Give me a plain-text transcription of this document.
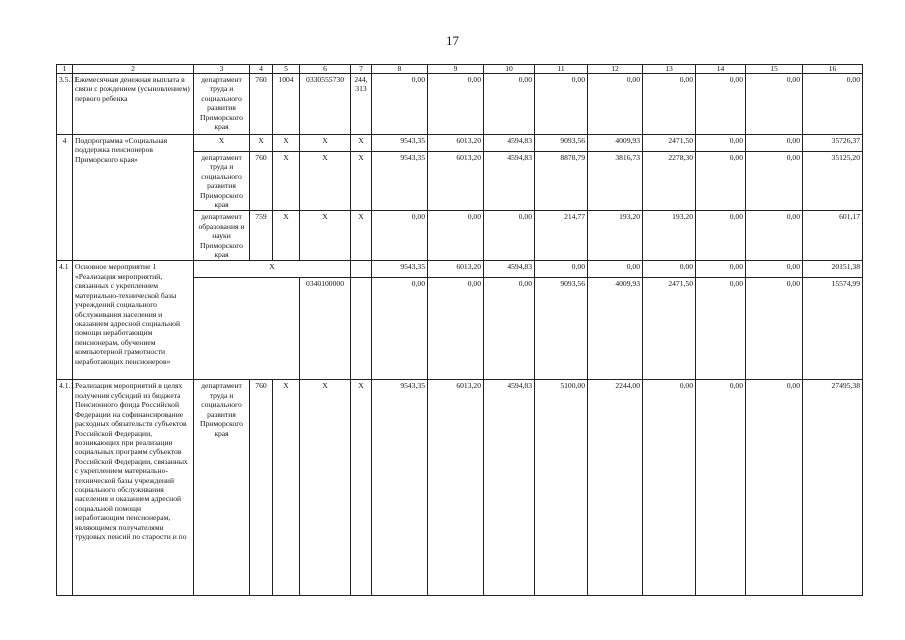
17
1	2	3	4	5	6	7	8	9	10	11	12	13	14	15	16
3.5.11.	Ежемесячная денежная выплата в связи с рождением (усыновлением) первого ребенка	департамент труда и социального развития Приморского края	760	1004	0330555730	244, 313	0,00	0,00	0,00	0,00	0,00	0,00	0,00	0,00	0,00
4	Подпрограмма «Социальная поддержка пенсионеров Приморского края»	X	X	X	X	X	9543,35	6013,20	4594,83	9093,56	4009,93	2471,50	0,00	0,00	35726,37
		департамент труда и социального развития Приморского края	760	X	X	X	9543,35	6013,20	4594,83	8878,79	3816,73	2278,30	0,00	0,00	35125,20
		департамент образования и науки Приморского края	759	X	X	X	0,00	0,00	0,00	214,77	193,20	193,20	0,00	0,00	601,17
4.1	Основное мероприятие 1 «Реализация мероприятий, связанных с укреплением материально-технической базы учреждений социального обслуживания населения и оказанием адресной социальной помощи неработающим пенсионерам, обучением компьютерной грамотности неработающих пенсионеров»	X					9543,35	6013,20	4594,83	0,00	0,00	0,00	0,00	0,00	20151,38
					0340100000		0,00	0,00	0,00	9093,56	4009,93	2471,50	0,00	0,00	15574,99
4.1.1	Реализация мероприятий в целях получения субсидий из бюджета Пенсионного фонда Российской Федерации на софинансирование расходных обязательств субъектов Российской Федерации, возникающих при реализации социальных программ субъектов Российской Федерации, связанных с укреплением материально-технической базы учреждений социального обслуживания населения и оказанием адресной социальной помощи неработающим пенсионерам, являющимся получателями трудовых пенсий по старости и по	департамент труда и социального развития Приморского края	760	X	X	X	9543,35	6013,20	4594,83	5100,00	2244,00	0,00	0,00	0,00	27495,38
